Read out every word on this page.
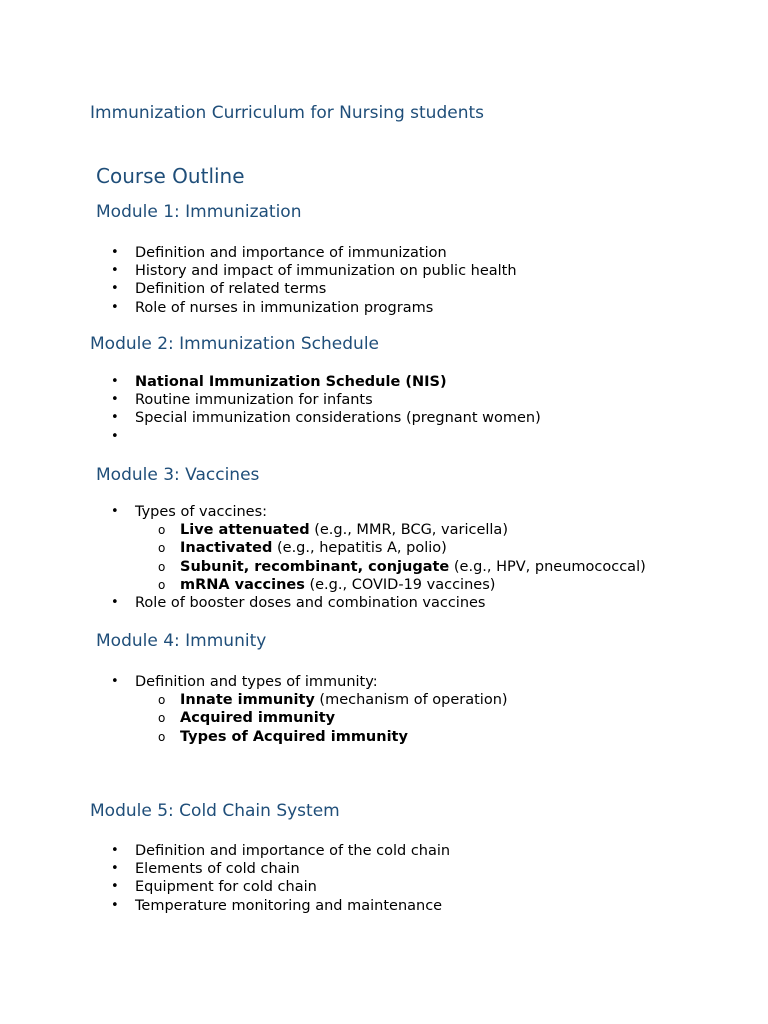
Immunization Curriculum for Nursing students
Course Outline
Module 1: Immunization
• Definition and importance of immunization
• History and impact of immunization on public health
• Definition of related terms
• Role of nurses in immunization programs
Module 2: Immunization Schedule
• National Immunization Schedule (NIS)
• Routine immunization for infants
• Special immunization considerations (pregnant women)
•
Module 3: Vaccines
• Types of vaccines:
o Live attenuated (e.g., MMR, BCG, varicella)
o Inactivated (e.g., hepatitis A, polio)
o Subunit, recombinant, conjugate (e.g., HPV, pneumococcal)
o mRNA vaccines (e.g., COVID-19 vaccines)
• Role of booster doses and combination vaccines
Module 4: Immunity
• Definition and types of immunity:
o Innate immunity (mechanism of operation)
o Acquired immunity
o Types of Acquired immunity
Module 5: Cold Chain System
• Definition and importance of the cold chain
• Elements of cold chain
• Equipment for cold chain
• Temperature monitoring and maintenance
